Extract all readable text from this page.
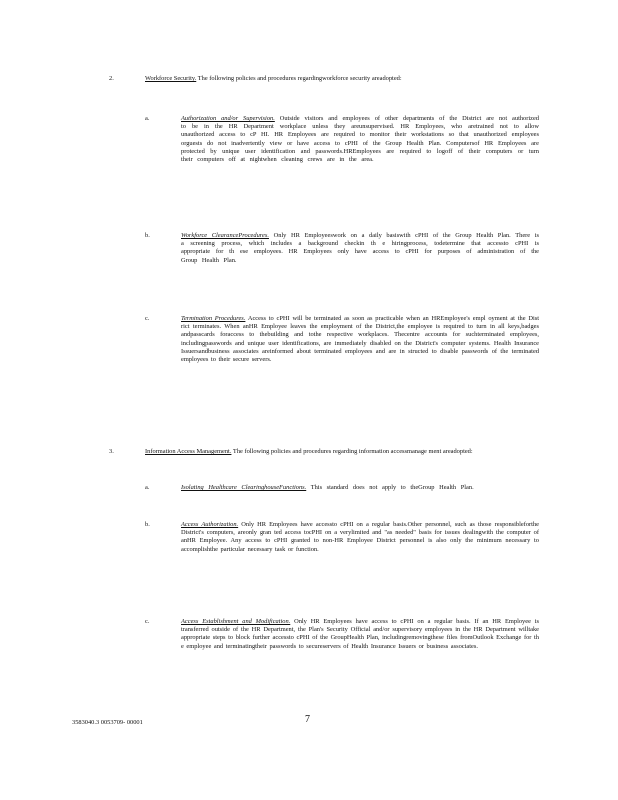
2.	Workforce Security. The following policies and procedures regardingworkforce security areadopted:
a.	Authorization and/or Supervision. Outside visitors and employees of other departments of the District are not authorized to be in the HR Department workplace unless they areunsupervised. HR Employees, who aretrained not to allow unauthorized access to cP HI. HR Employees are required to monitor their workstations so that unauthorized employees orguests do not inadvertently view or have access to cPHI of the Group Health Plan. Computersof HR Employees are protected by unique user identification and passwords.HREmployees are required to logoff of their computers or turn their computers off at nightwhen cleaning crews are in the area.
b.	Workforce ClearanceProcedures. Only HR Employeeswork on a daily basiswith cPHI of the Group Health Plan. There is a screening process, which includes a background checkin th e hiringprocess, todetermine that accessto cPHI is appropriate for th ese employees. HR Employees only have access to cPHI for purposes of administration of the Group Health Plan.
c.	Termination Procedures. Access to cPHI will be terminated as soon as practicable when an HREmployee's empl oyment at the Dist rict terminates. When anHR Employee leaves the employment of the District,the employee is required to turn in all keys,badges andpasscards foraccess to thebuilding and tothe respective workplaces. Thecentre accounts for suchterminated employees, includingpasswords and unique user identifications, are immediately disabled on the District's computer systems. Health Insurance Issuersandbusiness associates areinformed about terminated employees and are in structed to disable passwords of the terminated employees to their secure servers.
3.	Information Access Management. The following policies and procedures regarding information accessmanage ment areadopted:
a.	Isolating Healthcare ClearinghouseFunctions. This standard does not apply to theGroup Health Plan.
b.	Access Authorization. Only HR Employees have accessto cPHI on a regular basis.Other personnel, such as those responsibleforthe District's computers, areonly gran ted access tocPHI on a verylimited and "as needed" basis for issues dealingwith the computer of anHR Employee. Any access to cPHI granted to non-HR Employee District personnel is also only the minimum necessary to accomplishthe particular necessary task or function.
c.	Access Establishment and Modification. Only HR Employees have access to cPHI on a regular basis. If an HR Employee is transferred outside of the HR Department, the Plan's Security Official and/or supervisory employees in the HR Department willtake appropriate steps to block further accessto cPHI of the GroupHealth Plan, includingremovingthese files fromOutlook Exchange for th e employee and terminatingtheir passwords to secureservers of Health Insurance Issuers or business associates.
3583040.3 0053709- 00001	7
